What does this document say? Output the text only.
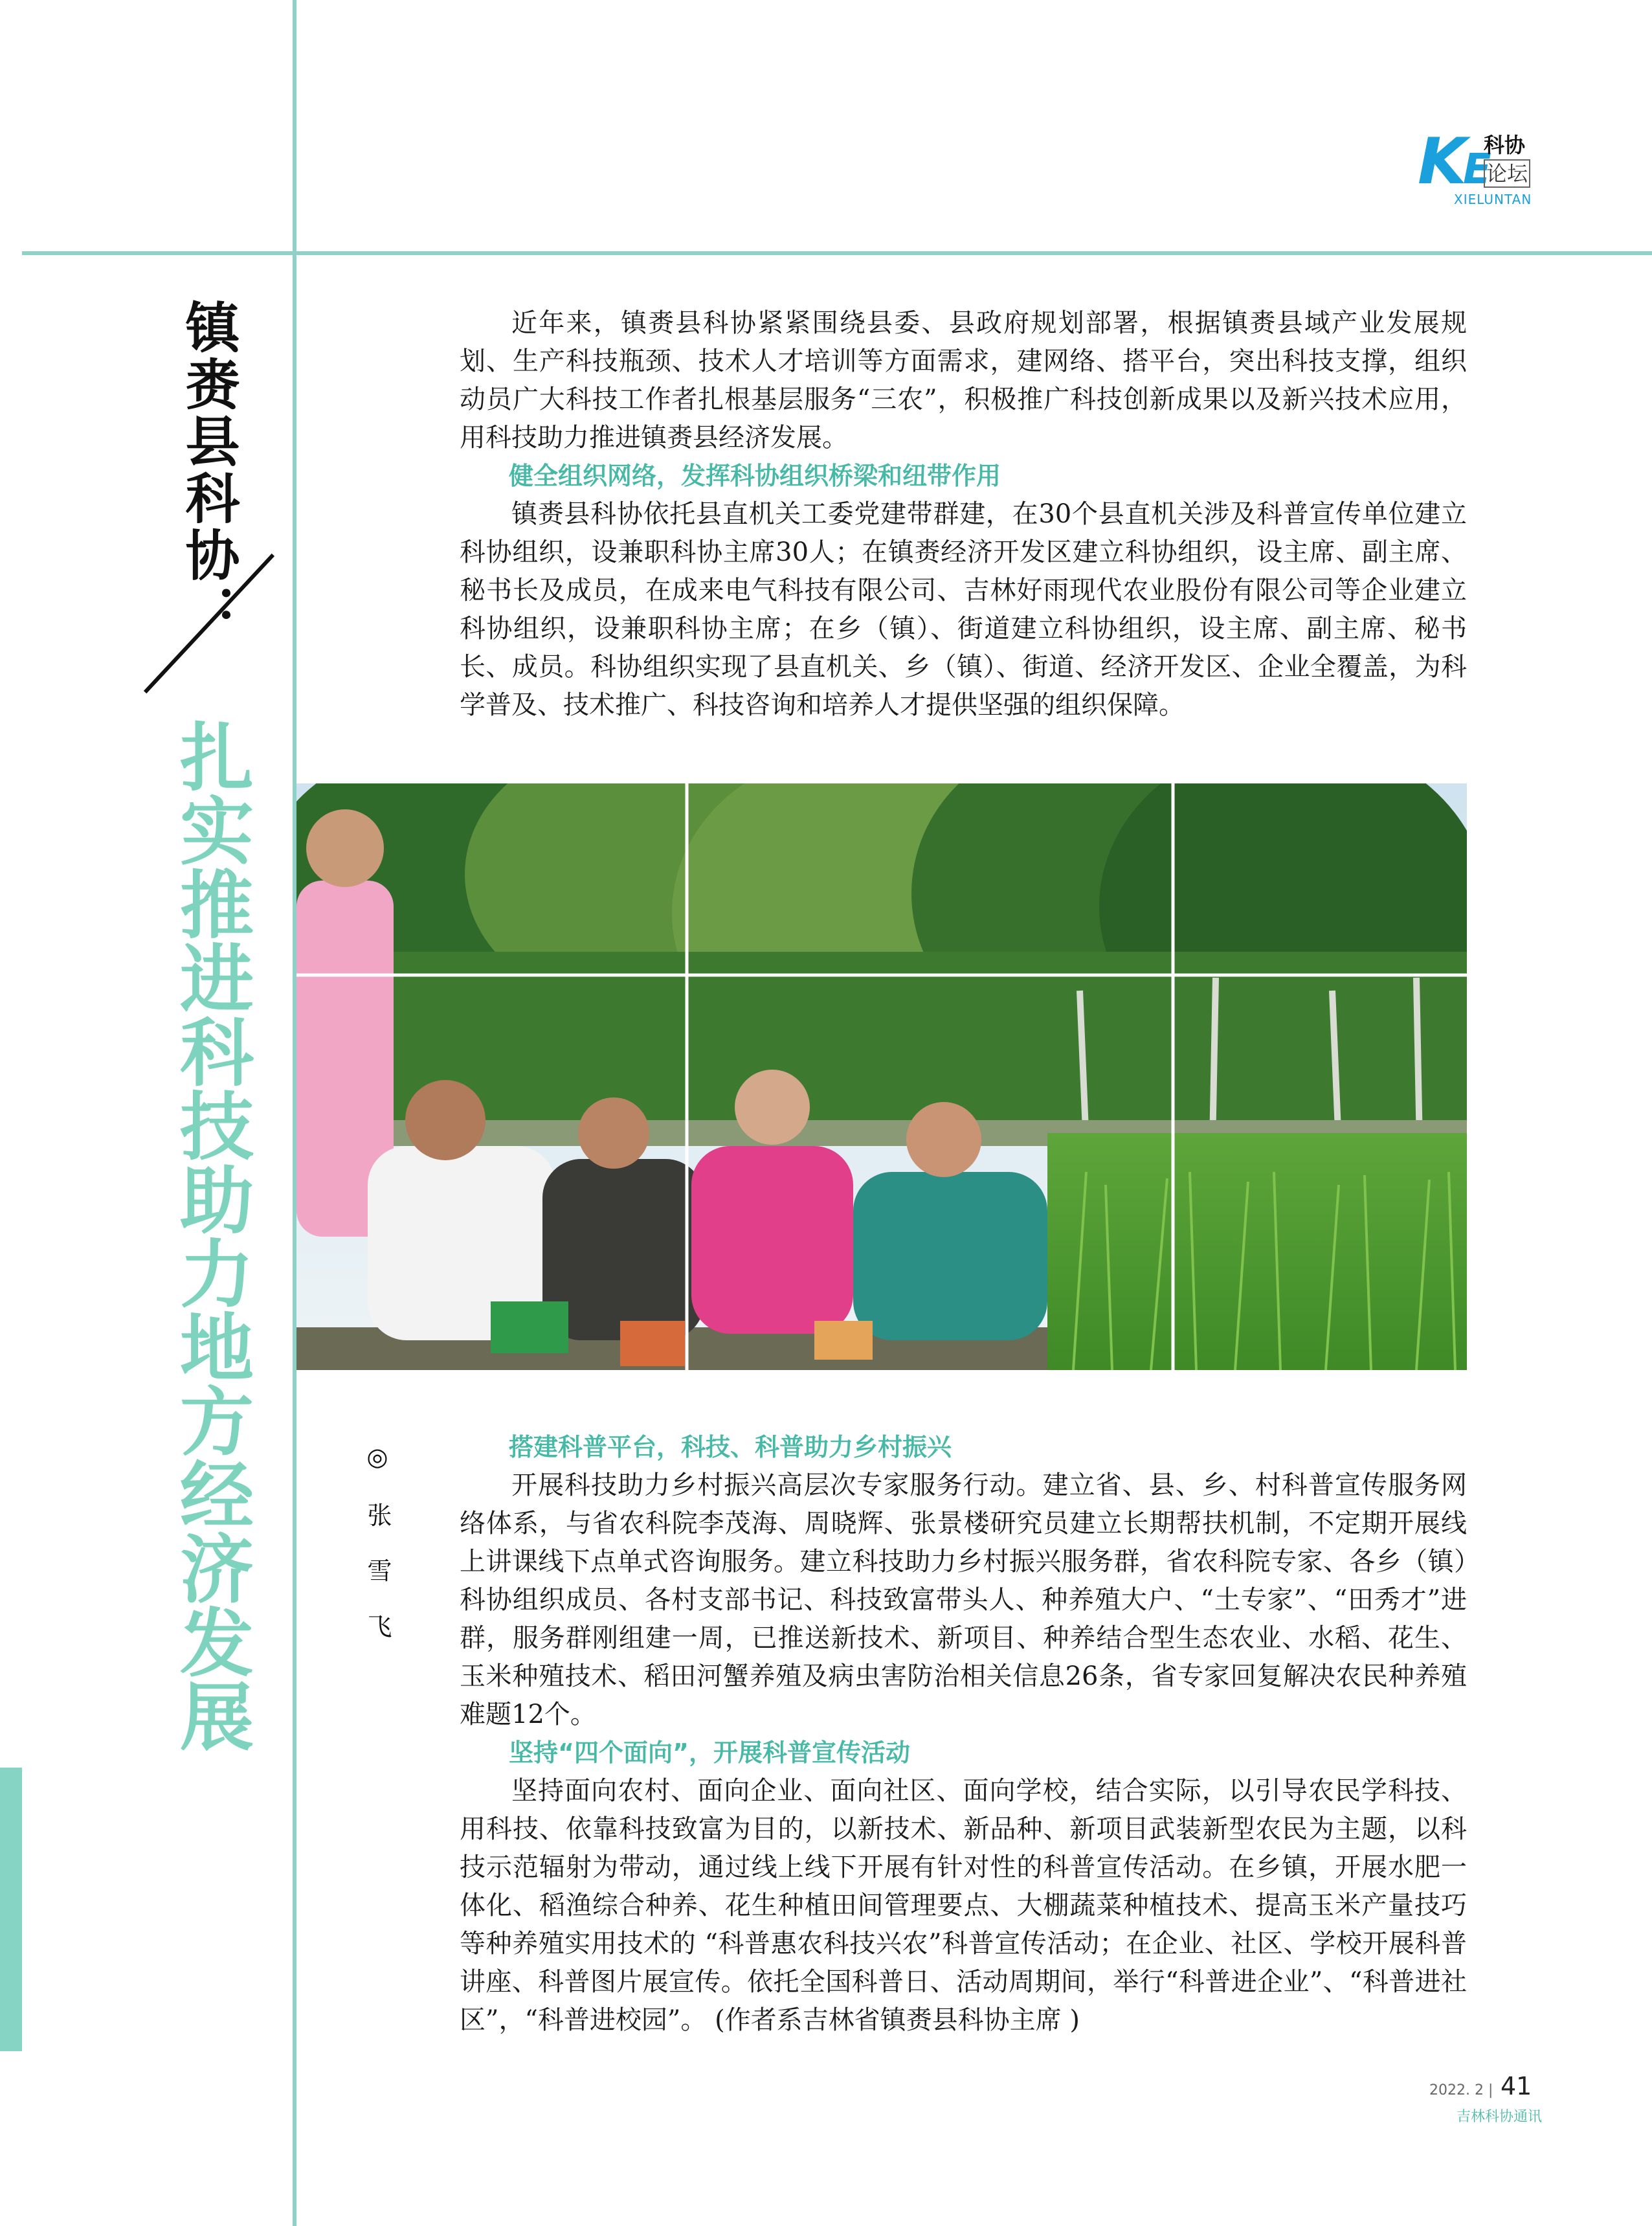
KE
科协
论坛
XIELUNTAN
镇赉县科协：
扎实推进科技助力地方经济发展	◎ 张 雪 飞

近年来，镇赉县科协紧紧围绕县委、县政府规划部署，根据镇赉县域产业发展规划、生产科技瓶颈、技术人才培训等方面需求，建网络、搭平台，突出科技支撑，组织动员广大科技工作者扎根基层服务“三农”，积极推广科技创新成果以及新兴技术应用，用科技助力推进镇赉县经济发展。

健全组织网络，发挥科协组织桥梁和纽带作用

镇赉县科协依托县直机关工委党建带群建，在30个县直机关涉及科普宣传单位建立科协组织，设兼职科协主席30人；在镇赉经济开发区建立科协组织，设主席、副主席、秘书长及成员，在成来电气科技有限公司、吉林好雨现代农业股份有限公司等企业建立科协组织，设兼职科协主席；在乡（镇）、街道建立科协组织，设主席、副主席、秘书长、成员。科协组织实现了县直机关、乡（镇）、街道、经济开发区、企业全覆盖，为科学普及、技术推广、科技咨询和培养人才提供坚强的组织保障。

搭建科普平台，科技、科普助力乡村振兴

开展科技助力乡村振兴高层次专家服务行动。建立省、县、乡、村科普宣传服务网络体系，与省农科院李茂海、周晓辉、张景楼研究员建立长期帮扶机制，不定期开展线上讲课线下点单式咨询服务。建立科技助力乡村振兴服务群，省农科院专家、各乡（镇）科协组织成员、各村支部书记、科技致富带头人、种养殖大户、“土专家”、“田秀才”进群，服务群刚组建一周，已推送新技术、新项目、种养结合型生态农业、水稻、花生、玉米种殖技术、稻田河蟹养殖及病虫害防治相关信息26条，省专家回复解决农民种养殖难题12个。

坚持“四个面向”，开展科普宣传活动

坚持面向农村、面向企业、面向社区、面向学校，结合实际，以引导农民学科技、用科技、依靠科技致富为目的，以新技术、新品种、新项目武装新型农民为主题，以科技示范辐射为带动，通过线上线下开展有针对性的科普宣传活动。在乡镇，开展水肥一体化、稻渔综合种养、花生种植田间管理要点、大棚蔬菜种植技术、提高玉米产量技巧等种养殖实用技术的 “科普惠农科技兴农”科普宣传活动；在企业、社区、学校开展科普讲座、科普图片展宣传。依托全国科普日、活动周期间，举行“科普进企业”、“科普进社区”，“科普进校园”。 (作者系吉林省镇赉县科协主席 )

2022. 2 | 41
吉林科协通讯
